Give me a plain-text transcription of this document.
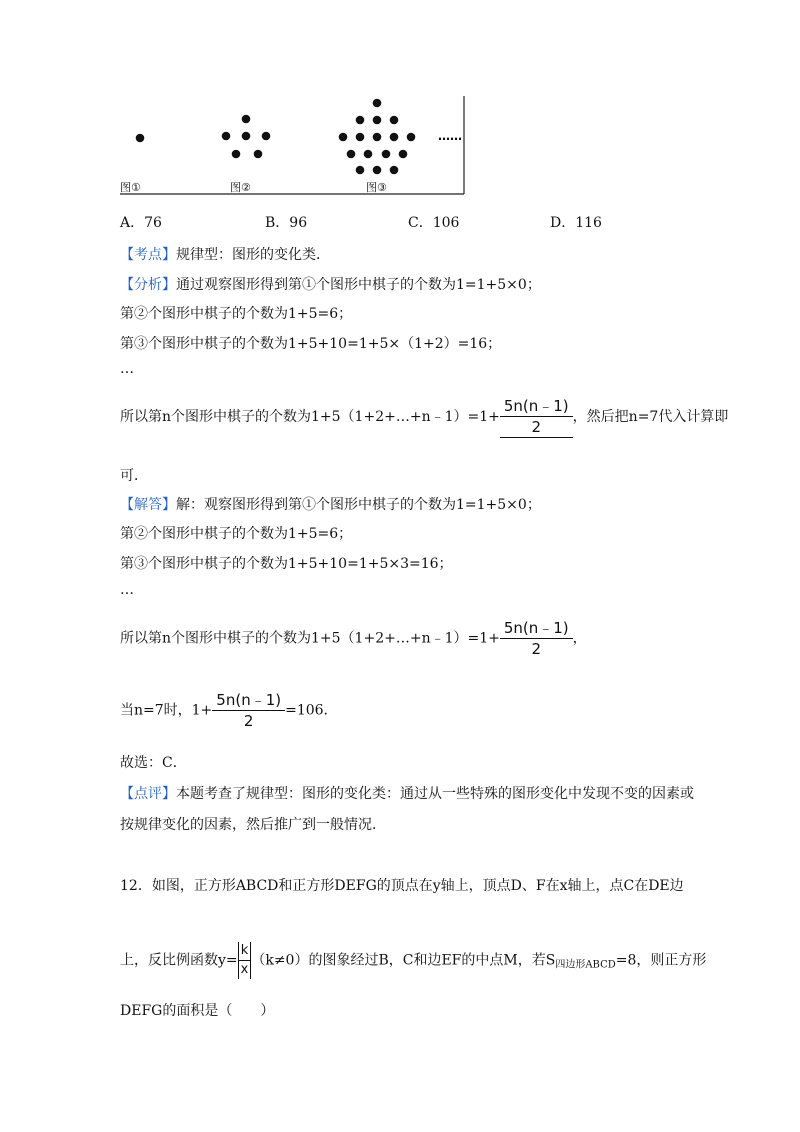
图①	图②	图③
……
A．76	B．96	C．106	D．116
【考点】规律型：图形的变化类．
【分析】通过观察图形得到第①个图形中棋子的个数为1=1+5×0；
第②个图形中棋子的个数为1+5=6；
第③个图形中棋子的个数为1+5+10=1+5×（1+2）=16；
…
所以第n个图形中棋子的个数为1+5（1+2+…+n﹣1）=1+ $\frac{5n(n﹣1)}{2}$ ，然后把n=7代入计算即
可．
【解答】解：观察图形得到第①个图形中棋子的个数为1=1+5×0；
第②个图形中棋子的个数为1+5=6；
第③个图形中棋子的个数为1+5+10=1+5×3=16；
…
所以第n个图形中棋子的个数为1+5（1+2+…+n﹣1）=1+ $\frac{5n(n﹣1)}{2}$ ，
当n=7时，$1+ \frac{5n(n﹣1)}{2} =106$．
故选：C．
【点评】本题考查了规律型：图形的变化类：通过从一些特殊的图形变化中发现不变的因素或
按规律变化的因素，然后推广到一般情况．
12．如图，正方形ABCD和正方形DEFG的顶点在y轴上，顶点D、F在x轴上，点C在DE边
上，反比例函数$y= \frac{k}{x} (k\ne 0)$的图象经过B，C和边EF的中点M，若$S_{四边形ABCD}=8$，则正方形
DEFG的面积是（　　）
